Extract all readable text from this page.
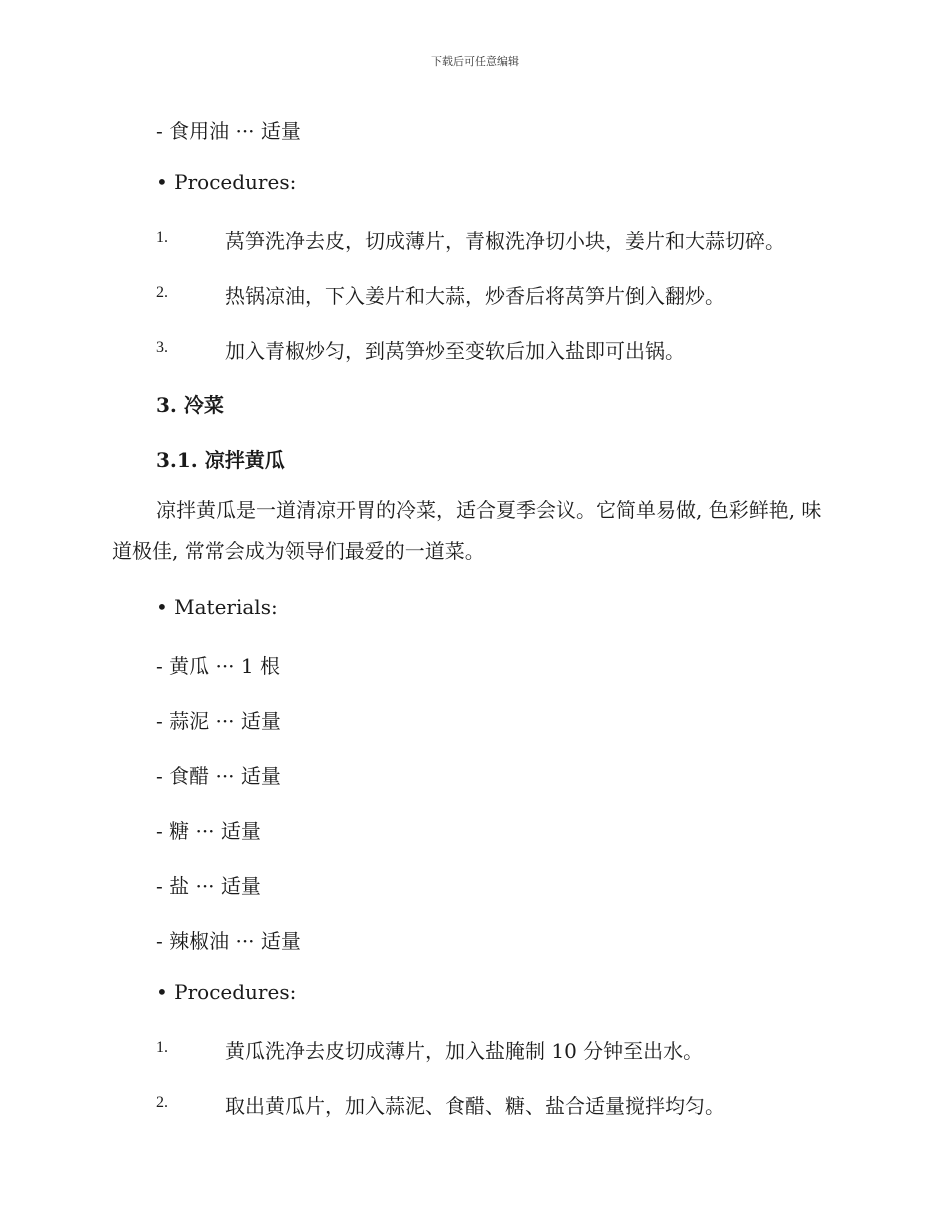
下载后可任意编辑
- 食用油 ··· 适量
• Procedures:
1.	莴笋洗净去皮，切成薄片，青椒洗净切小块，姜片和大蒜切碎。
2.	热锅凉油，下入姜片和大蒜，炒香后将莴笋片倒入翻炒。
3.	加入青椒炒匀，到莴笋炒至变软后加入盐即可出锅。
3. 冷菜
3.1. 凉拌黄瓜
凉拌黄瓜是一道清凉开胃的冷菜，适合夏季会议。它简单易做, 色彩鲜艳, 味道极佳, 常常会成为领导们最爱的一道菜。
• Materials:
- 黄瓜 ··· 1 根
- 蒜泥 ··· 适量
- 食醋 ··· 适量
- 糖 ··· 适量
- 盐 ··· 适量
- 辣椒油 ··· 适量
• Procedures:
1.	黄瓜洗净去皮切成薄片，加入盐腌制 10 分钟至出水。
2.	取出黄瓜片，加入蒜泥、食醋、糖、盐合适量搅拌均匀。
